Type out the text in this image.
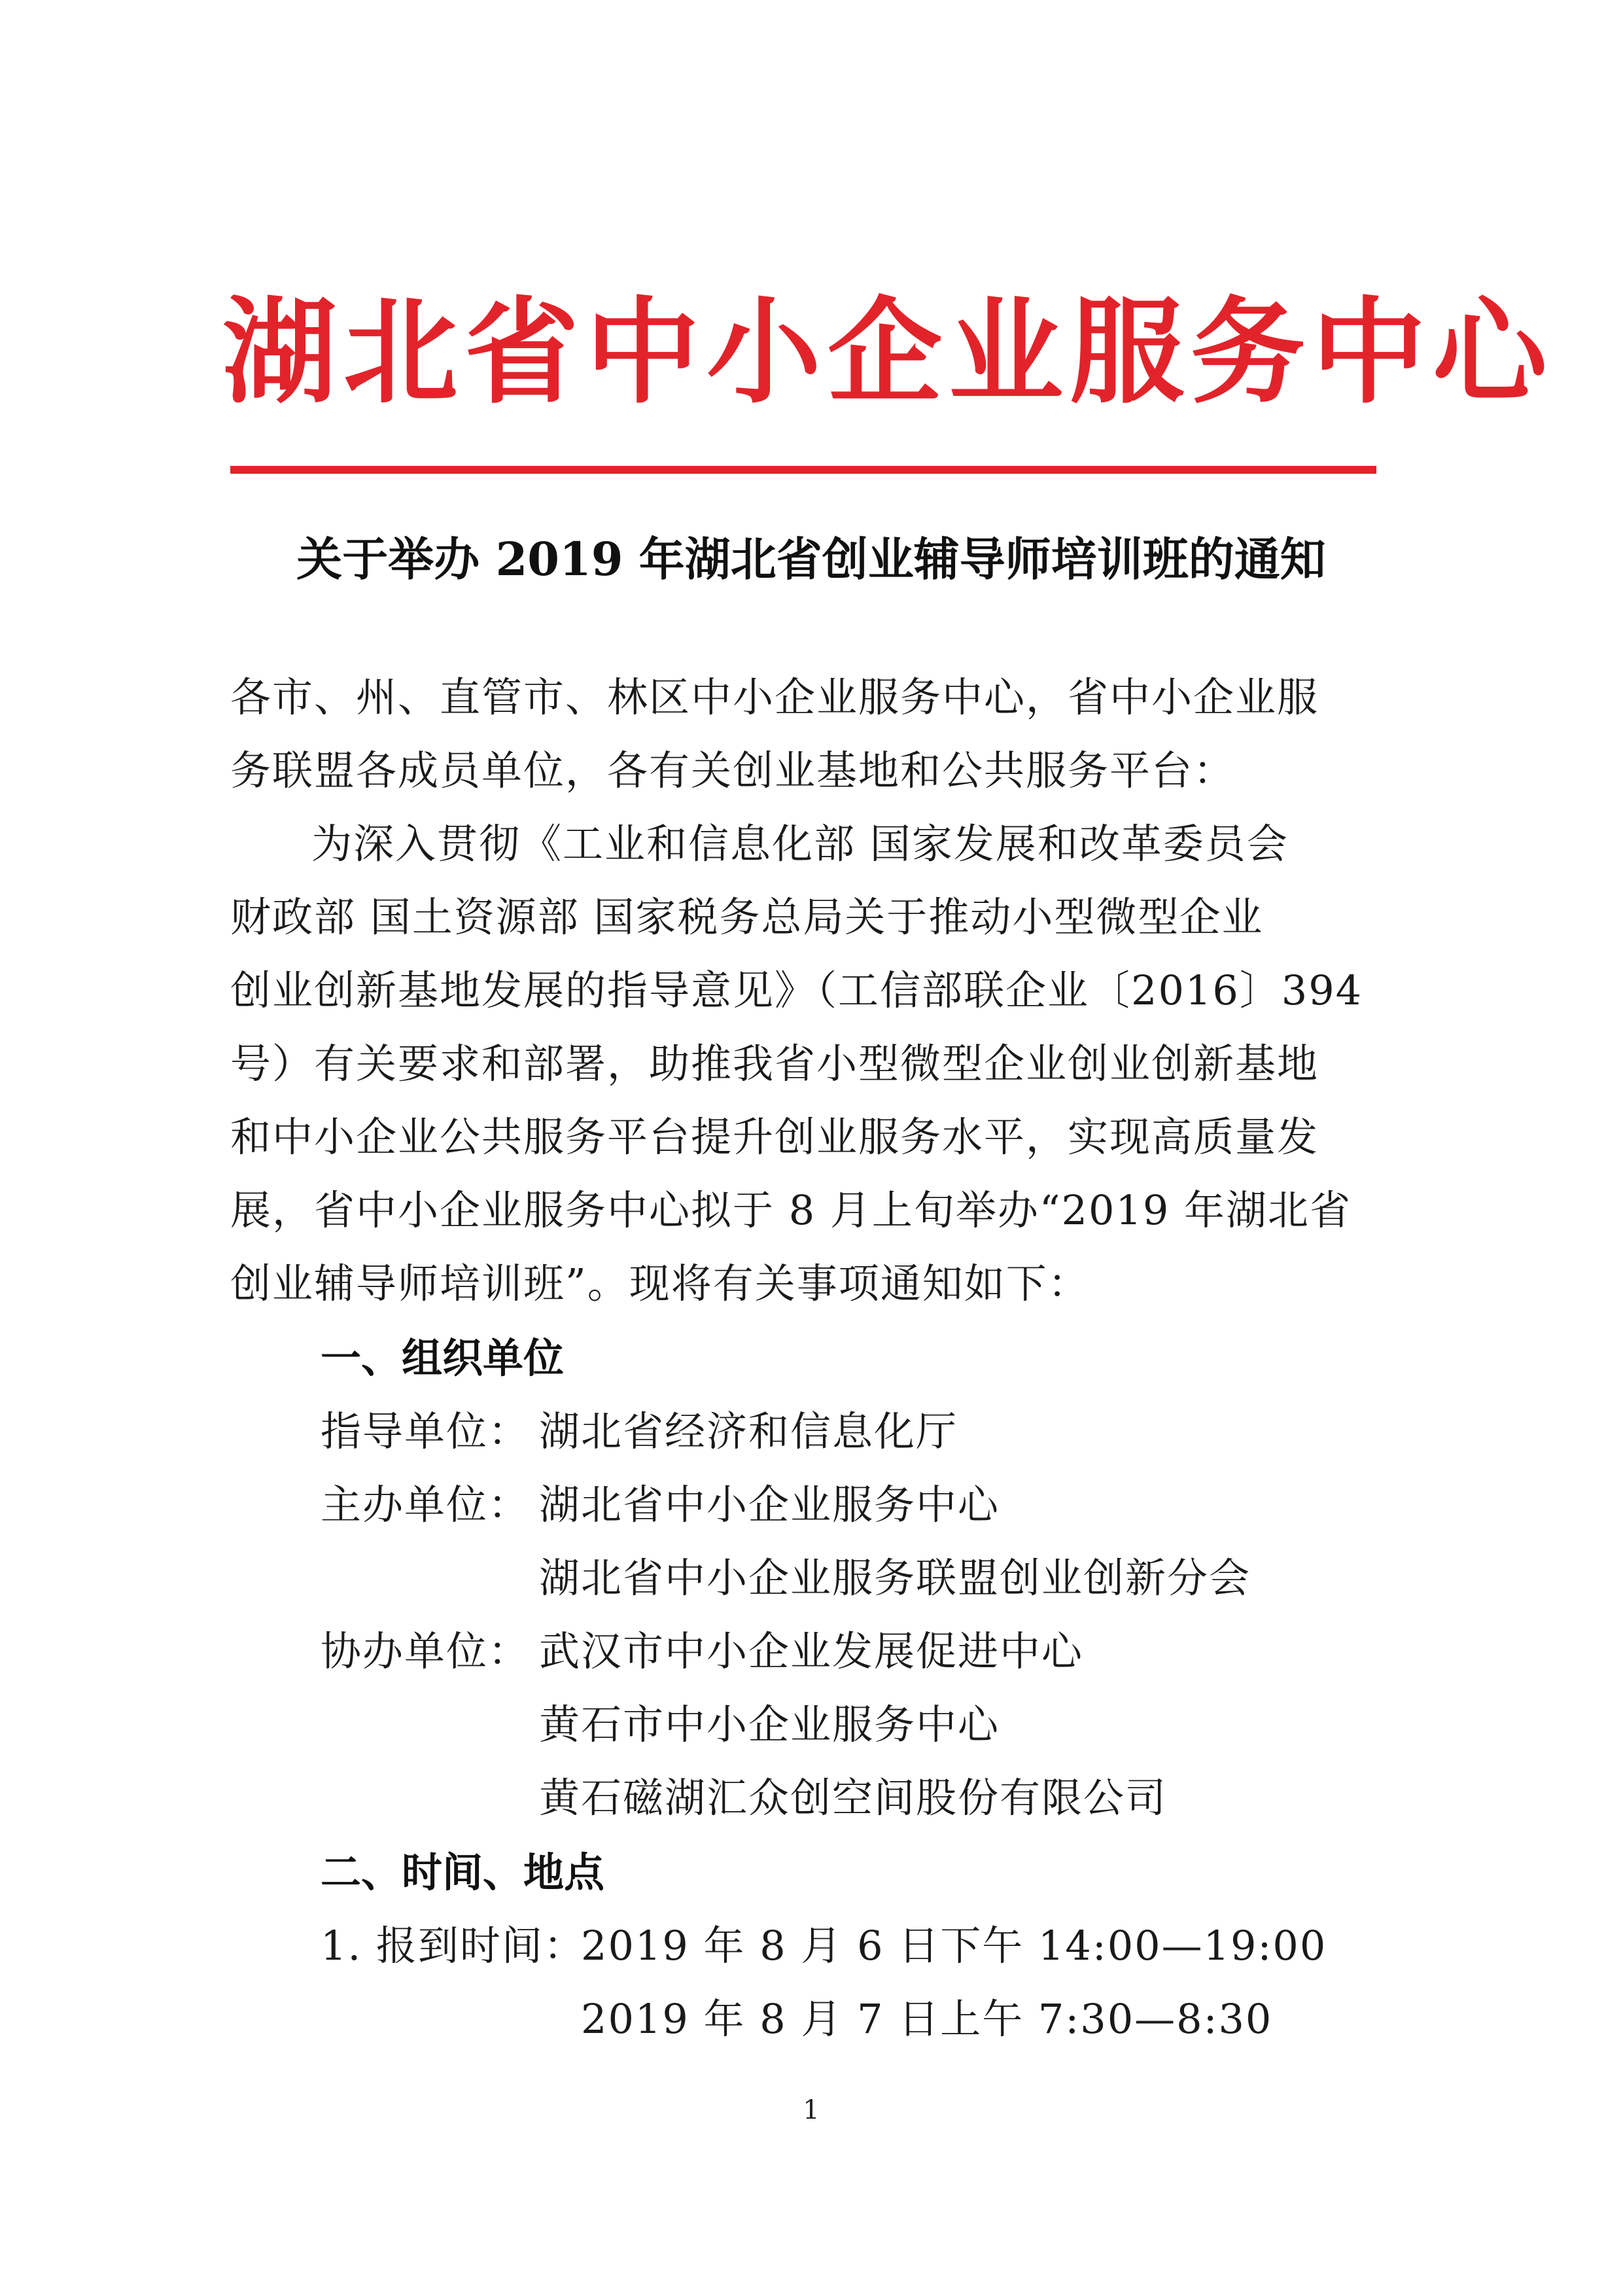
湖北省中小企业服务中心
关于举办 2019 年湖北省创业辅导师培训班的通知
各市、州、直管市、林区中小企业服务中心，省中小企业服
务联盟各成员单位，各有关创业基地和公共服务平台：
为深入贯彻《工业和信息化部 国家发展和改革委员会
财政部 国土资源部 国家税务总局关于推动小型微型企业
创业创新基地发展的指导意见》（工信部联企业〔2016〕394
号）有关要求和部署，助推我省小型微型企业创业创新基地
和中小企业公共服务平台提升创业服务水平，实现高质量发
展，省中小企业服务中心拟于 8 月上旬举办“2019 年湖北省
创业辅导师培训班”。现将有关事项通知如下：
一、组织单位
指导单位： 湖北省经济和信息化厅
主办单位： 湖北省中小企业服务中心
湖北省中小企业服务联盟创业创新分会
协办单位： 武汉市中小企业发展促进中心
黄石市中小企业服务中心
黄石磁湖汇众创空间股份有限公司
二、时间、地点
1. 报到时间：
2019 年 8 月 6 日下午 14:00—19:00
2019 年 8 月 7 日上午 7:30—8:30
1
